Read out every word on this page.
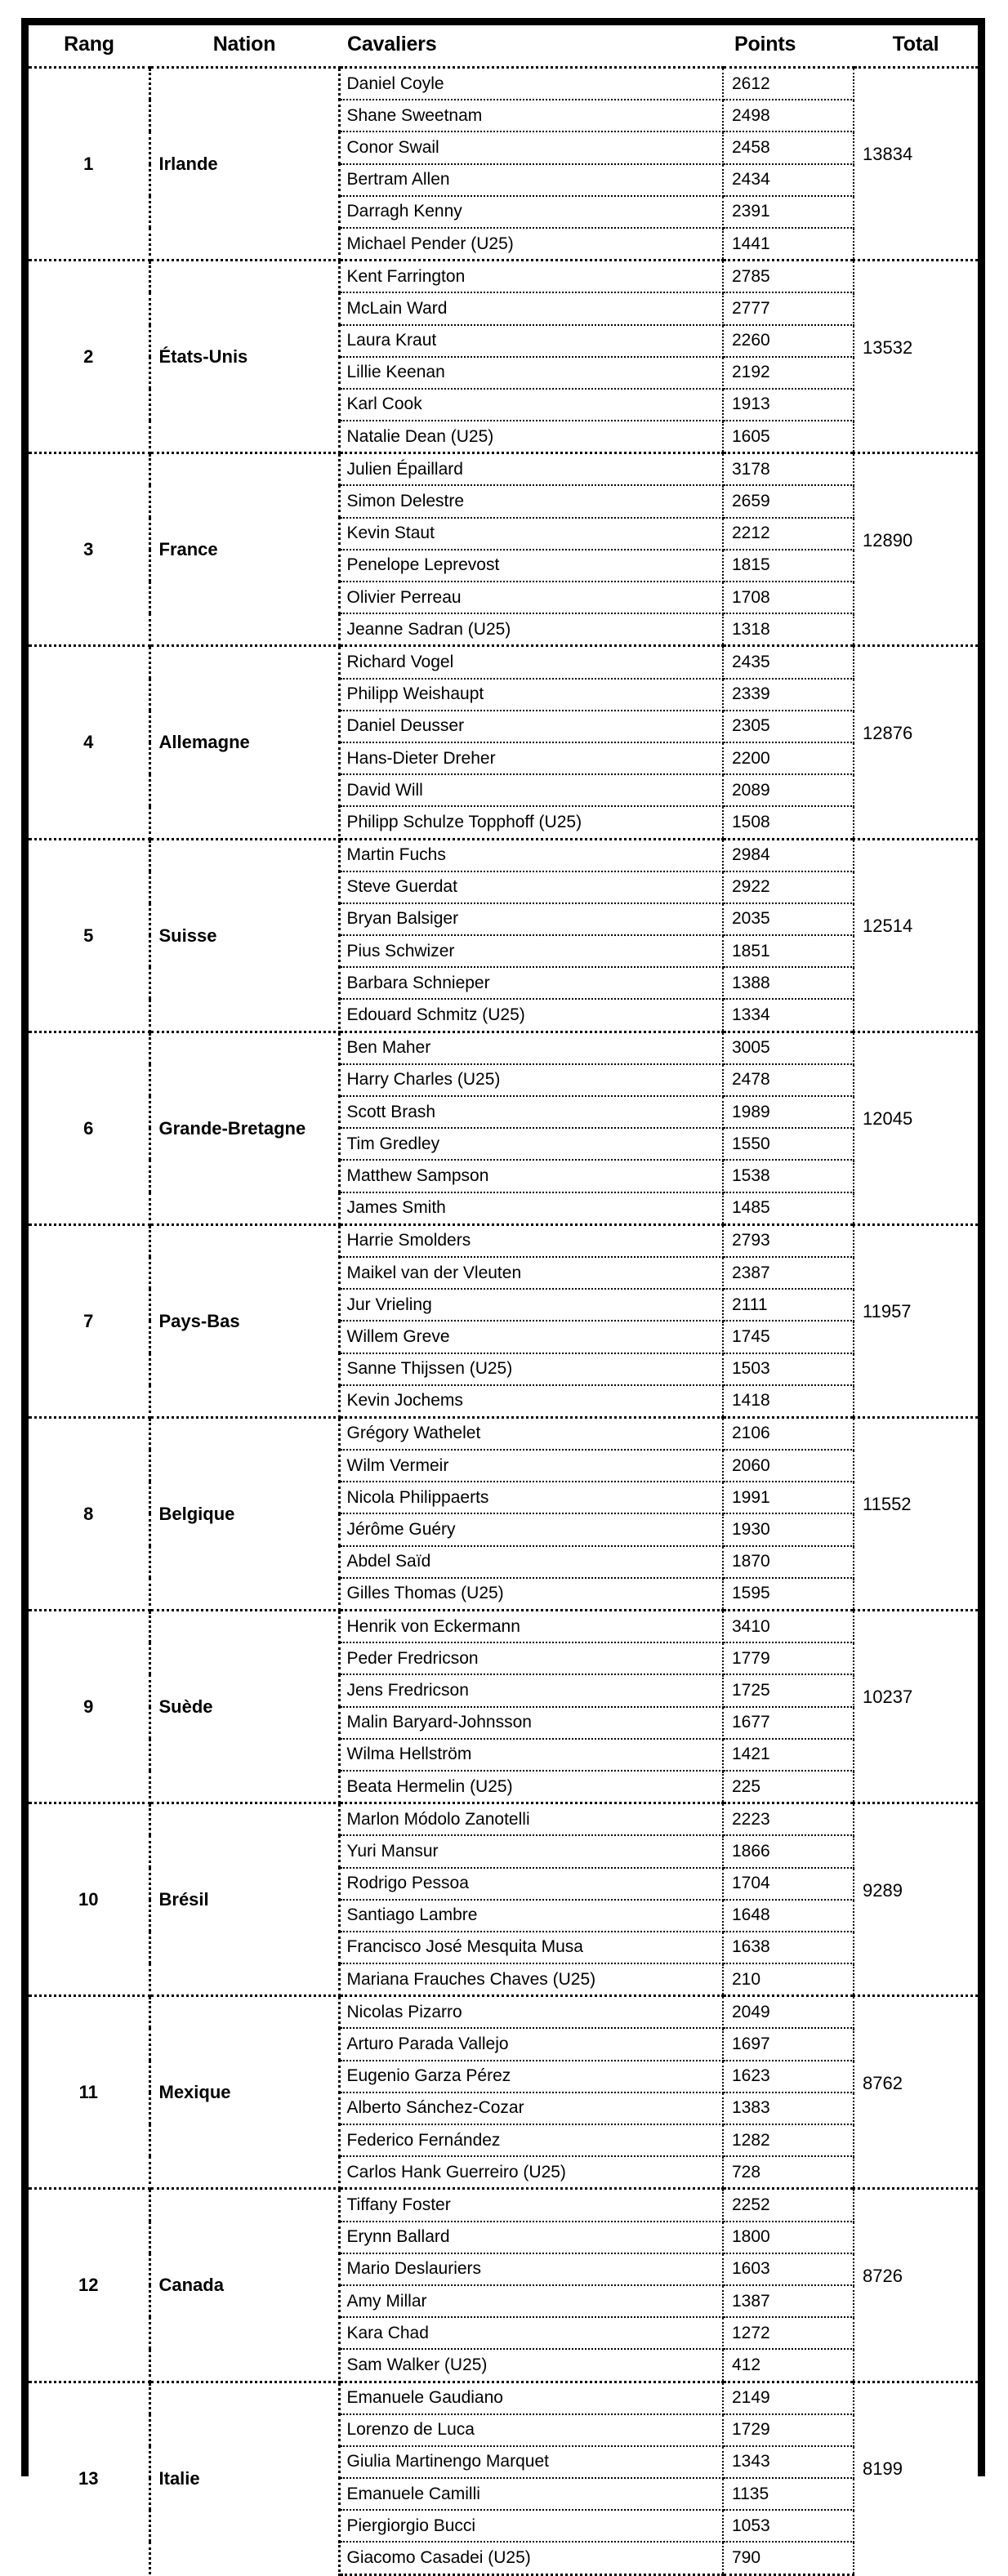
Rang	Nation	Cavaliers	Points	Total
1	Irlande	Daniel Coyle	2612	13834
		Shane Sweetnam	2498	
		Conor Swail	2458	
		Bertram Allen	2434	
		Darragh Kenny	2391	
		Michael Pender (U25)	1441	
2	États-Unis	Kent Farrington	2785	13532
		McLain Ward	2777	
		Laura Kraut	2260	
		Lillie Keenan	2192	
		Karl Cook	1913	
		Natalie Dean (U25)	1605	
3	France	Julien Épaillard	3178	12890
		Simon Delestre	2659	
		Kevin Staut	2212	
		Penelope Leprevost	1815	
		Olivier Perreau	1708	
		Jeanne Sadran (U25)	1318	
4	Allemagne	Richard Vogel	2435	12876
		Philipp Weishaupt	2339	
		Daniel Deusser	2305	
		Hans-Dieter Dreher	2200	
		David Will	2089	
		Philipp Schulze Topphoff (U25)	1508	
5	Suisse	Martin Fuchs	2984	12514
		Steve Guerdat	2922	
		Bryan Balsiger	2035	
		Pius Schwizer	1851	
		Barbara Schnieper	1388	
		Edouard Schmitz (U25)	1334	
6	Grande-Bretagne	Ben Maher	3005	12045
		Harry Charles (U25)	2478	
		Scott Brash	1989	
		Tim Gredley	1550	
		Matthew Sampson	1538	
		James Smith	1485	
7	Pays-Bas	Harrie Smolders	2793	11957
		Maikel van der Vleuten	2387	
		Jur Vrieling	2111	
		Willem Greve	1745	
		Sanne Thijssen (U25)	1503	
		Kevin Jochems	1418	
8	Belgique	Grégory Wathelet	2106	11552
		Wilm Vermeir	2060	
		Nicola Philippaerts	1991	
		Jérôme Guéry	1930	
		Abdel Saïd	1870	
		Gilles Thomas (U25)	1595	
9	Suède	Henrik von Eckermann	3410	10237
		Peder Fredricson	1779	
		Jens Fredricson	1725	
		Malin Baryard-Johnsson	1677	
		Wilma Hellström	1421	
		Beata Hermelin (U25)	225	
10	Brésil	Marlon Módolo Zanotelli	2223	9289
		Yuri Mansur	1866	
		Rodrigo Pessoa	1704	
		Santiago Lambre	1648	
		Francisco José Mesquita Musa	1638	
		Mariana Frauches Chaves (U25)	210	
11	Mexique	Nicolas Pizarro	2049	8762
		Arturo Parada Vallejo	1697	
		Eugenio Garza Pérez	1623	
		Alberto Sánchez-Cozar	1383	
		Federico Fernández	1282	
		Carlos Hank Guerreiro (U25)	728	
12	Canada	Tiffany Foster	2252	8726
		Erynn Ballard	1800	
		Mario Deslauriers	1603	
		Amy Millar	1387	
		Kara Chad	1272	
		Sam Walker (U25)	412	
13	Italie	Emanuele Gaudiano	2149	8199
		Lorenzo de Luca	1729	
		Giulia Martinengo Marquet	1343	
		Emanuele Camilli	1135	
		Piergiorgio Bucci	1053	
		Giacomo Casadei (U25)	790	
